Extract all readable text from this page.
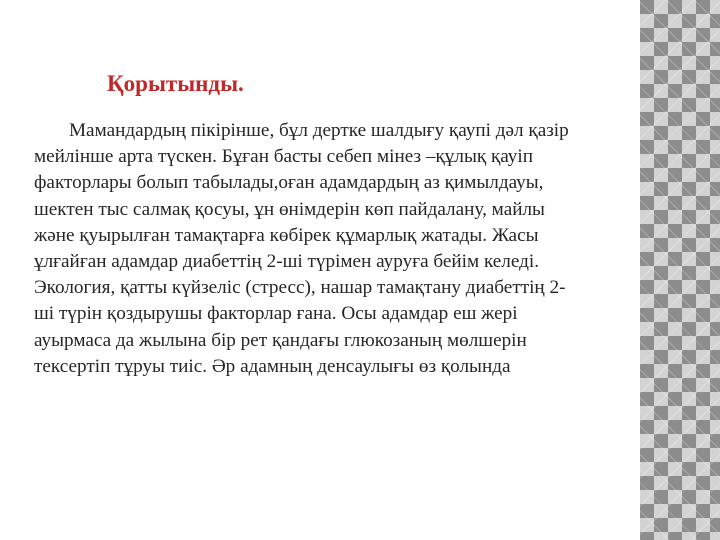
Қорытынды.
Мамандардың пікірінше, бұл дертке шалдығу қаупі дәл қазір
мейлінше арта түскен. Бұған басты себеп мінез –құлық қауіп
факторлары болып табылады,оған адамдардың аз қимылдауы,
шектен тыс салмақ қосуы, ұн өнімдерін көп пайдалану, майлы
және қуырылған тамақтарға көбірек құмарлық жатады. Жасы
ұлғайған адамдар диабеттің 2-ші түрімен ауруға бейім келеді.
Экология, қатты күйзеліс (стресс), нашар тамақтану диабеттің 2-
ші түрін қоздырушы факторлар ғана. Осы адамдар еш жері
ауырмаса да жылына бір рет қандағы глюкозаның мөлшерін
тексертіп тұруы тиіс. Әр адамның денсаулығы өз қолында
